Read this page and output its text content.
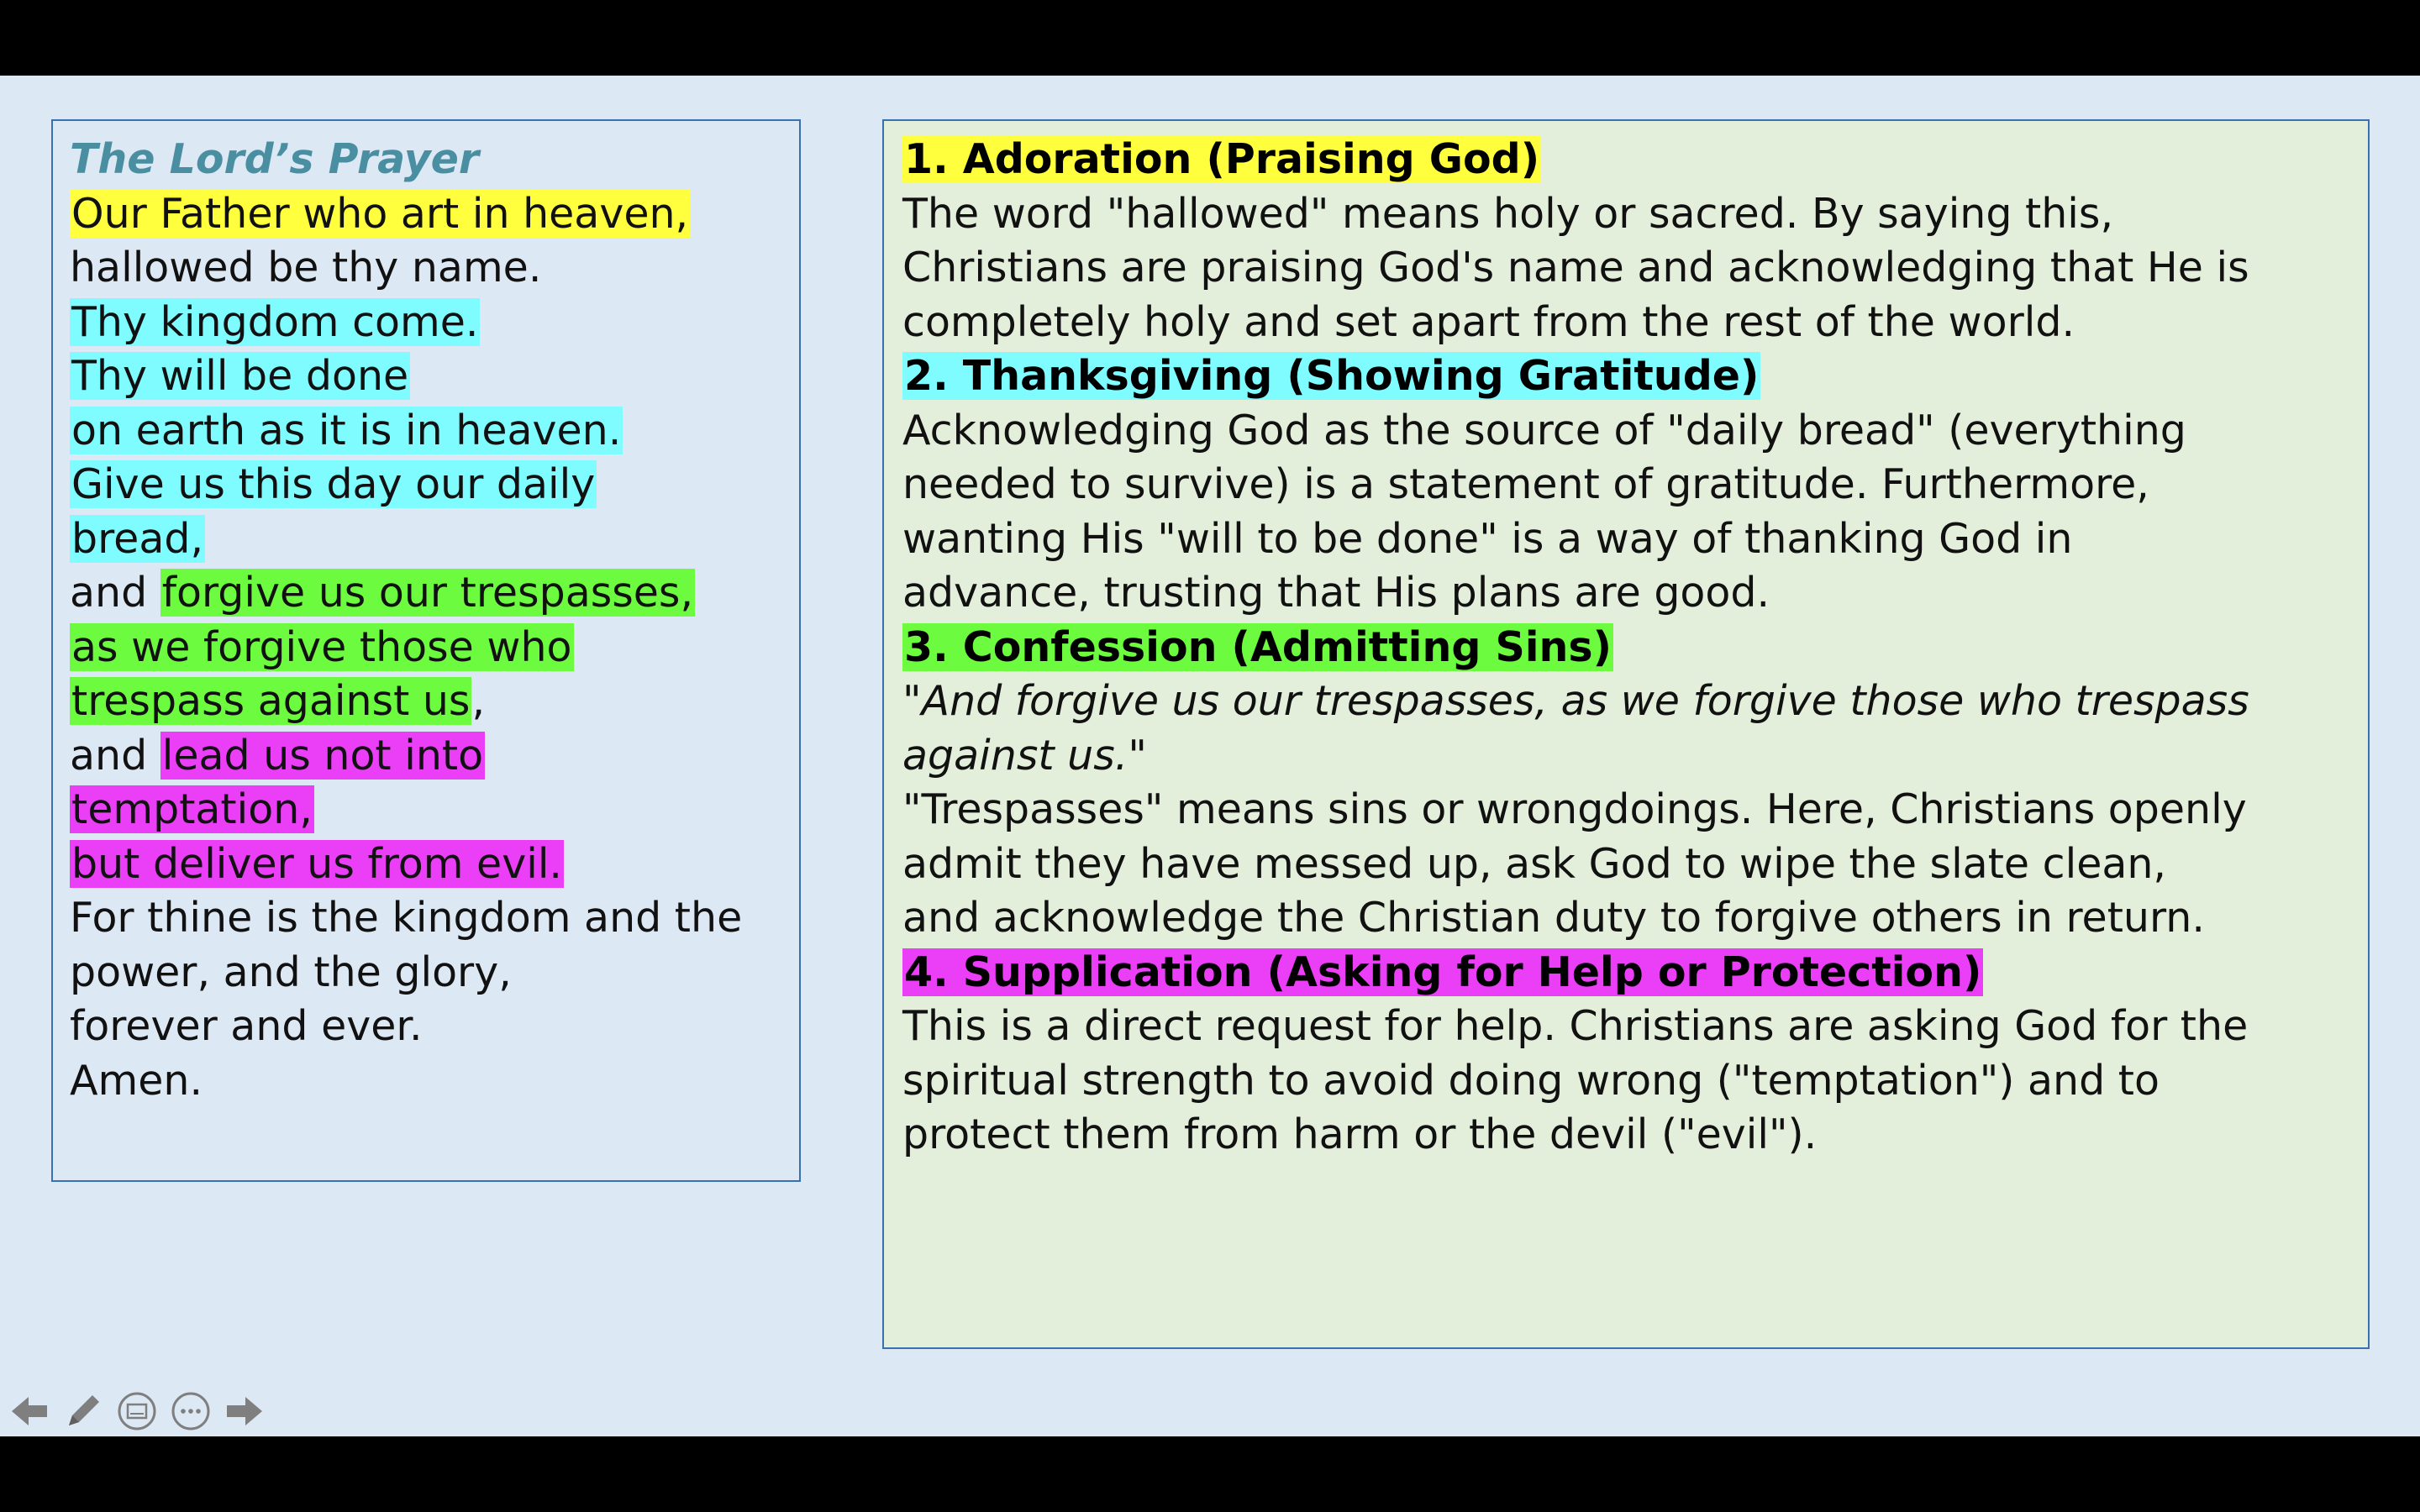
The Lord’s Prayer
Our Father who art in heaven,
hallowed be thy name.
Thy kingdom come.
Thy will be done
on earth as it is in heaven.
Give us this day our daily
bread,
and forgive us our trespasses,
as we forgive those who
trespass against us,
and lead us not into
temptation,
but deliver us from evil.
For thine is the kingdom and the
power, and the glory,
forever and ever.
Amen.
1. Adoration (Praising God)
The word "hallowed" means holy or sacred. By saying this,
Christians are praising God's name and acknowledging that He is
completely holy and set apart from the rest of the world.
2. Thanksgiving (Showing Gratitude)
Acknowledging God as the source of "daily bread" (everything
needed to survive) is a statement of gratitude. Furthermore,
wanting His "will to be done" is a way of thanking God in
advance, trusting that His plans are good.
3. Confession (Admitting Sins)
"And forgive us our trespasses, as we forgive those who trespass
against us."
"Trespasses" means sins or wrongdoings. Here, Christians openly
admit they have messed up, ask God to wipe the slate clean,
and acknowledge the Christian duty to forgive others in return.
4. Supplication (Asking for Help or Protection)
This is a direct request for help. Christians are asking God for the
spiritual strength to avoid doing wrong ("temptation") and to
protect them from harm or the devil ("evil").
